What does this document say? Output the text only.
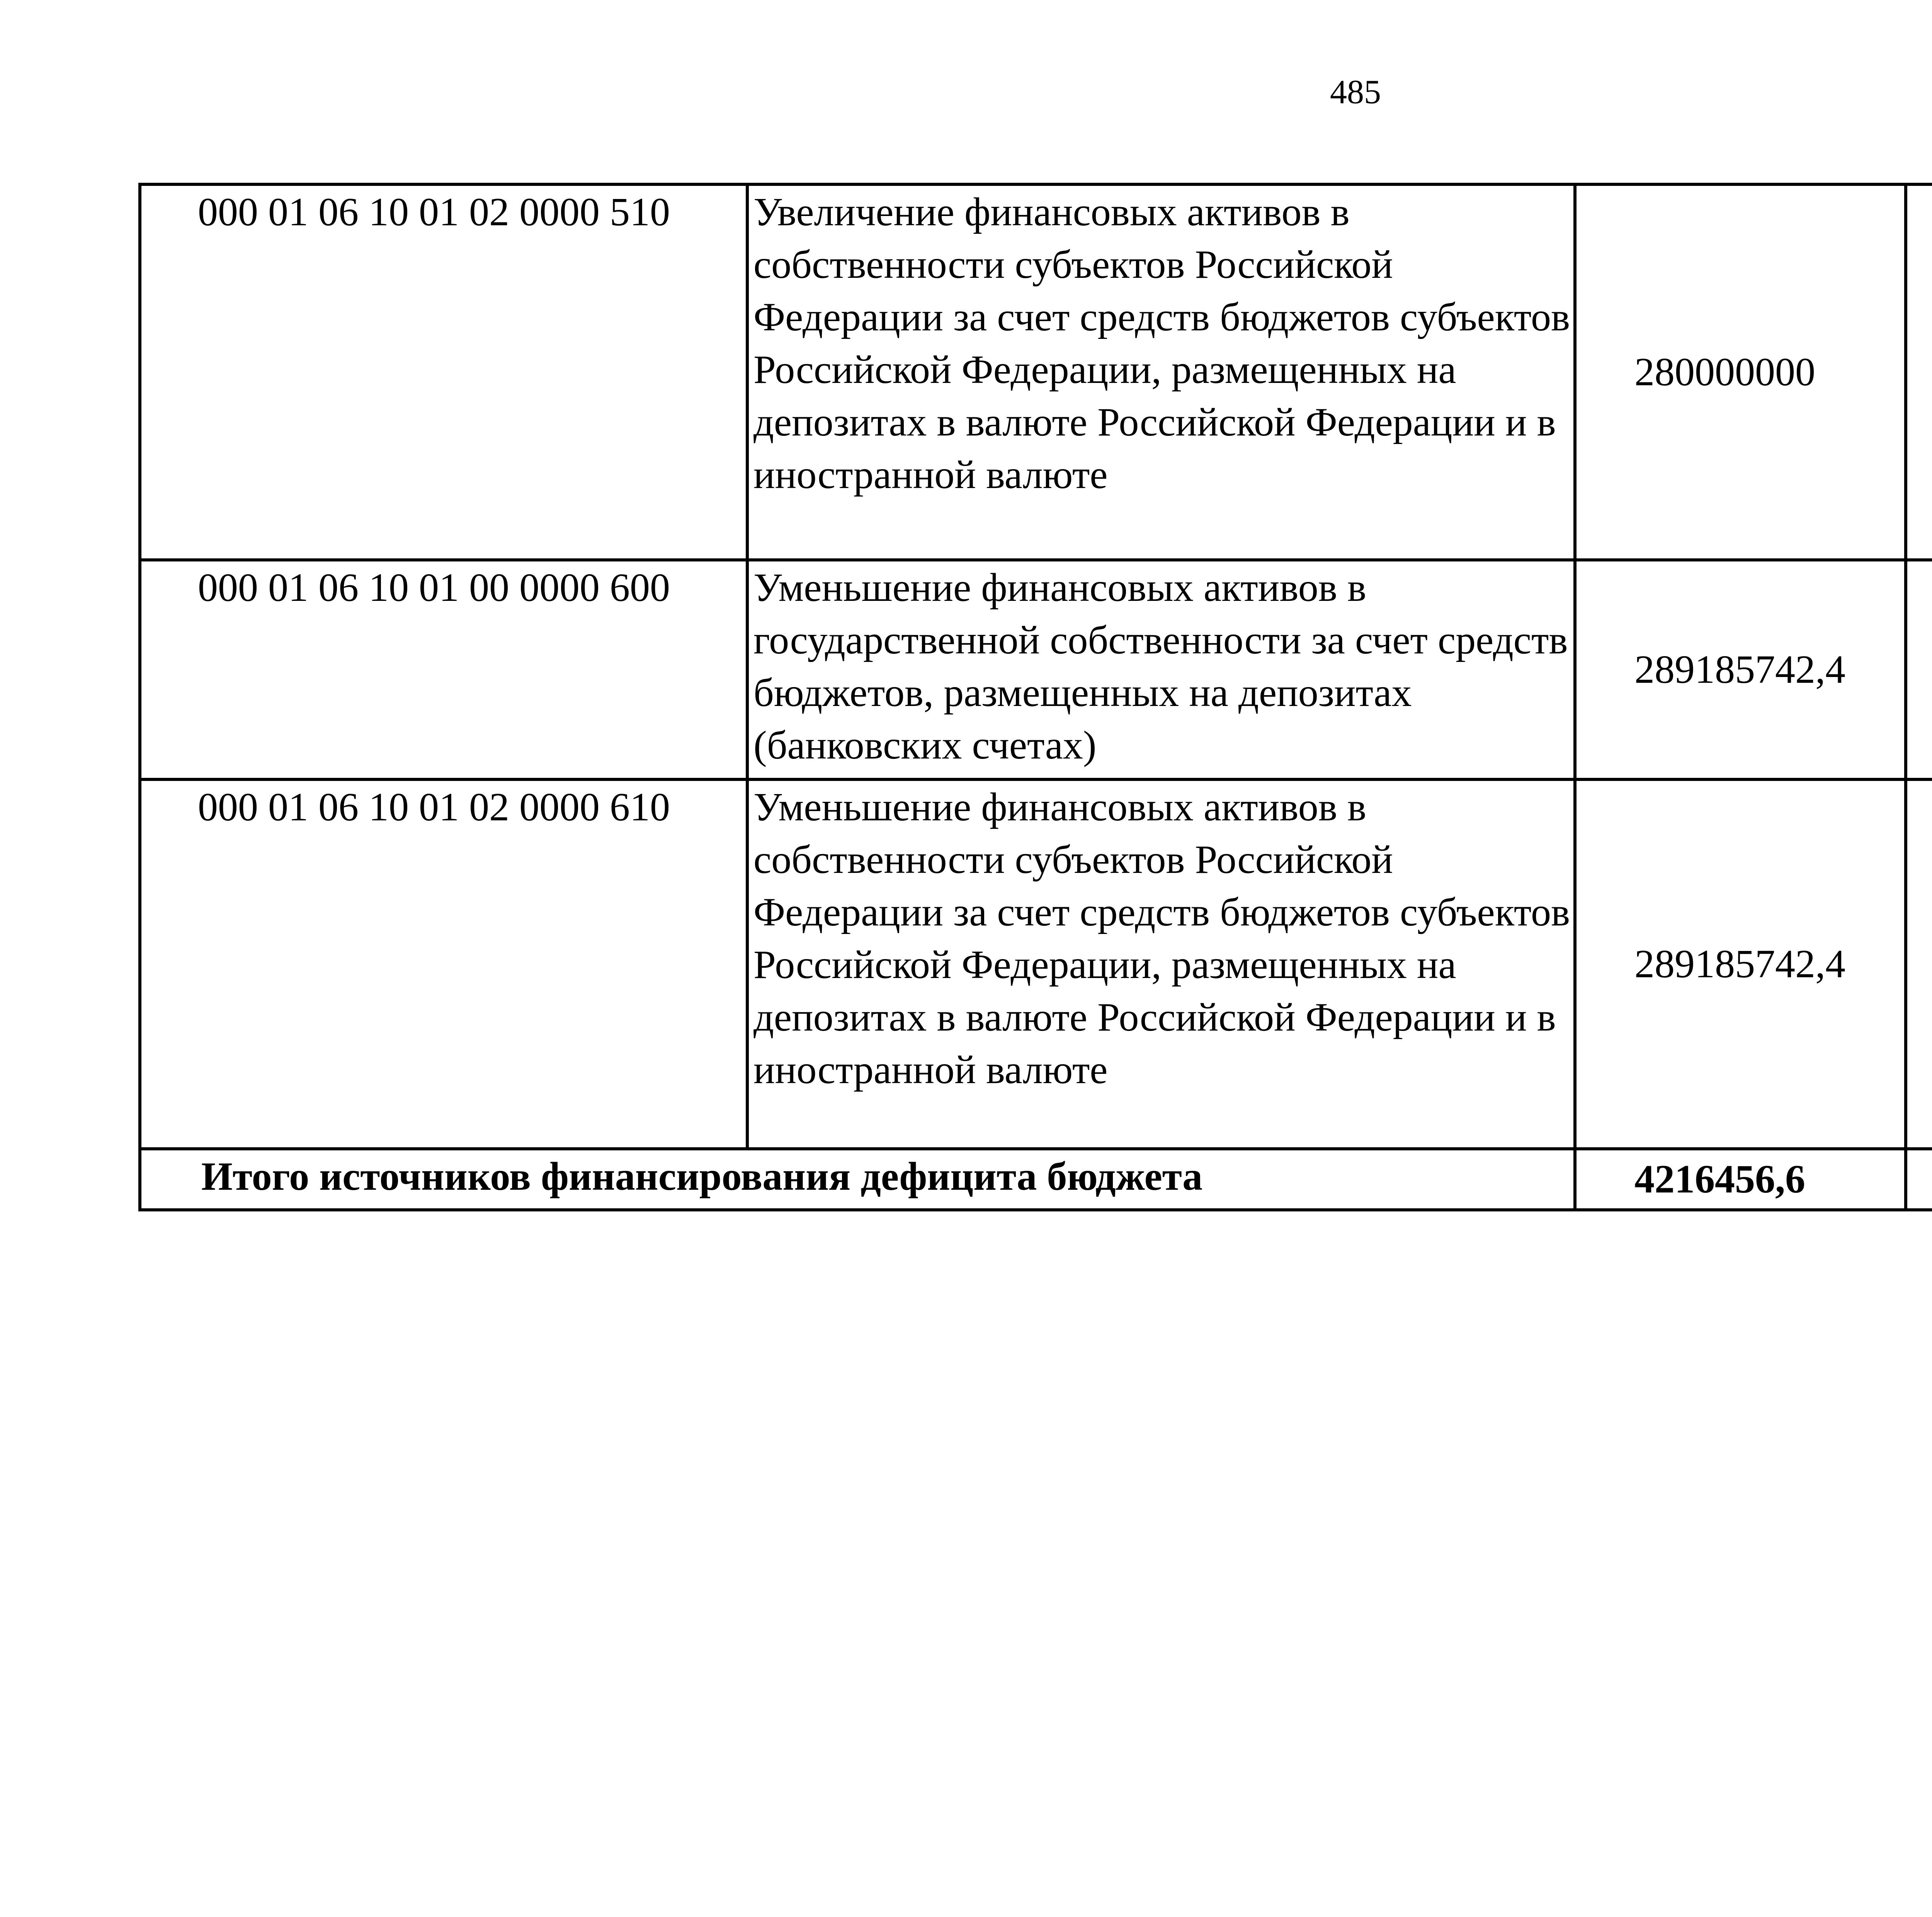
485
000 01 06 10 01 02 0000 510	Увеличение финансовых активов в собственности субъектов Российской Федерации за счет средств бюджетов субъектов Российской Федерации, размещенных на депозитах в валюте Российской Федерации и в иностранной валюте	280000000		
000 01 06 10 01 00 0000 600	Уменьшение финансовых активов в государственной собственности за счет средств бюджетов, размещенных на депозитах (банковских счетах)	289185742,4		
000 01 06 10 01 02 0000 610	Уменьшение финансовых активов в собственности субъектов Российской Федерации за счет средств бюджетов субъектов Российской Федерации, размещенных на депозитах в валюте Российской Федерации и в иностранной валюте	289185742,4		
Итого источников финансирования дефицита бюджета		4216456,6		
